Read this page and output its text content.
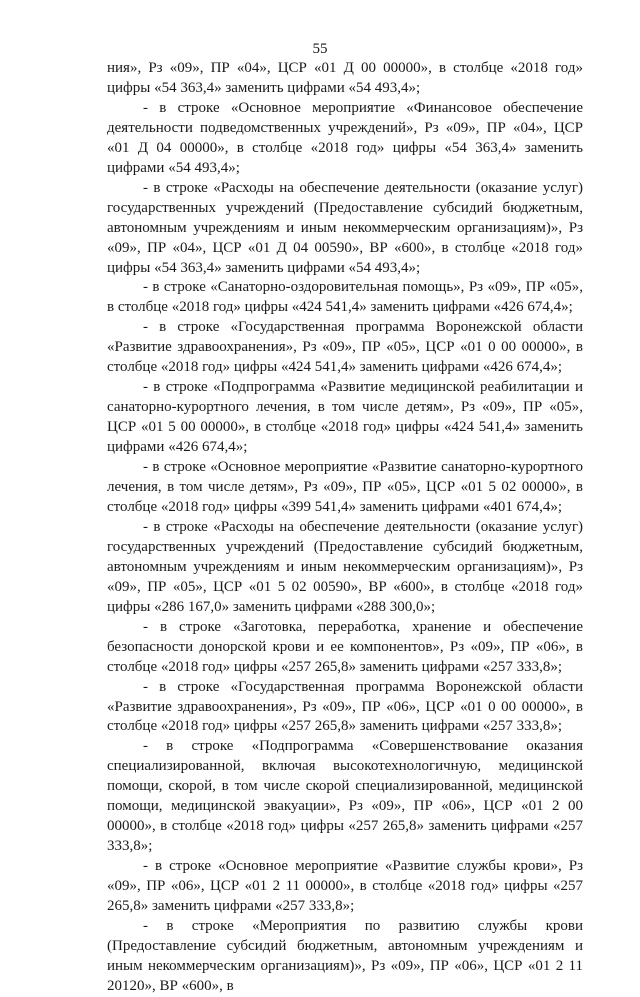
55

ния», Рз «09», ПР «04», ЦСР «01 Д 00 00000», в столбце «2018 год» цифры «54 363,4» заменить цифрами «54 493,4»;

- в строке «Основное мероприятие «Финансовое обеспечение деятельности подведомственных учреждений», Рз «09», ПР «04», ЦСР «01 Д 04 00000», в столбце «2018 год» цифры «54 363,4» заменить цифрами «54 493,4»;

- в строке «Расходы на обеспечение деятельности (оказание услуг) государственных учреждений (Предоставление субсидий бюджетным, автономным учреждениям и иным некоммерческим организациям)», Рз «09», ПР «04», ЦСР «01 Д 04 00590», ВР «600», в столбце «2018 год» цифры «54 363,4» заменить цифрами «54 493,4»;

- в строке «Санаторно-оздоровительная помощь», Рз «09», ПР «05», в столбце «2018 год» цифры «424 541,4» заменить цифрами «426 674,4»;

- в строке «Государственная программа Воронежской области «Развитие здравоохранения», Рз «09», ПР «05», ЦСР «01 0 00 00000», в столбце «2018 год» цифры «424 541,4» заменить цифрами «426 674,4»;

- в строке «Подпрограмма «Развитие медицинской реабилитации и санаторно-курортного лечения, в том числе детям», Рз «09», ПР «05», ЦСР «01 5 00 00000», в столбце «2018 год» цифры «424 541,4» заменить цифрами «426 674,4»;

- в строке «Основное мероприятие «Развитие санаторно-курортного лечения, в том числе детям», Рз «09», ПР «05», ЦСР «01 5 02 00000», в столбце «2018 год» цифры «399 541,4» заменить цифрами «401 674,4»;

- в строке «Расходы на обеспечение деятельности (оказание услуг) государственных учреждений (Предоставление субсидий бюджетным, автономным учреждениям и иным некоммерческим организациям)», Рз «09», ПР «05», ЦСР «01 5 02 00590», ВР «600», в столбце «2018 год» цифры «286 167,0» заменить цифрами «288 300,0»;

- в строке «Заготовка, переработка, хранение и обеспечение безопасности донорской крови и ее компонентов», Рз «09», ПР «06», в столбце «2018 год» цифры «257 265,8» заменить цифрами «257 333,8»;

- в строке «Государственная программа Воронежской области «Развитие здравоохранения», Рз «09», ПР «06», ЦСР «01 0 00 00000», в столбце «2018 год» цифры «257 265,8» заменить цифрами «257 333,8»;

- в строке «Подпрограмма «Совершенствование оказания специализированной, включая высокотехнологичную, медицинской помощи, скорой, в том числе скорой специализированной, медицинской помощи, медицинской эвакуации», Рз «09», ПР «06», ЦСР «01 2 00 00000», в столбце «2018 год» цифры «257 265,8» заменить цифрами «257 333,8»;

- в строке «Основное мероприятие «Развитие службы крови», Рз «09», ПР «06», ЦСР «01 2 11 00000», в столбце «2018 год» цифры «257 265,8» заменить цифрами «257 333,8»;

- в строке «Мероприятия по развитию службы крови (Предоставление субсидий бюджетным, автономным учреждениям и иным некоммерческим организациям)», Рз «09», ПР «06», ЦСР «01 2 11 20120», ВР «600», в
